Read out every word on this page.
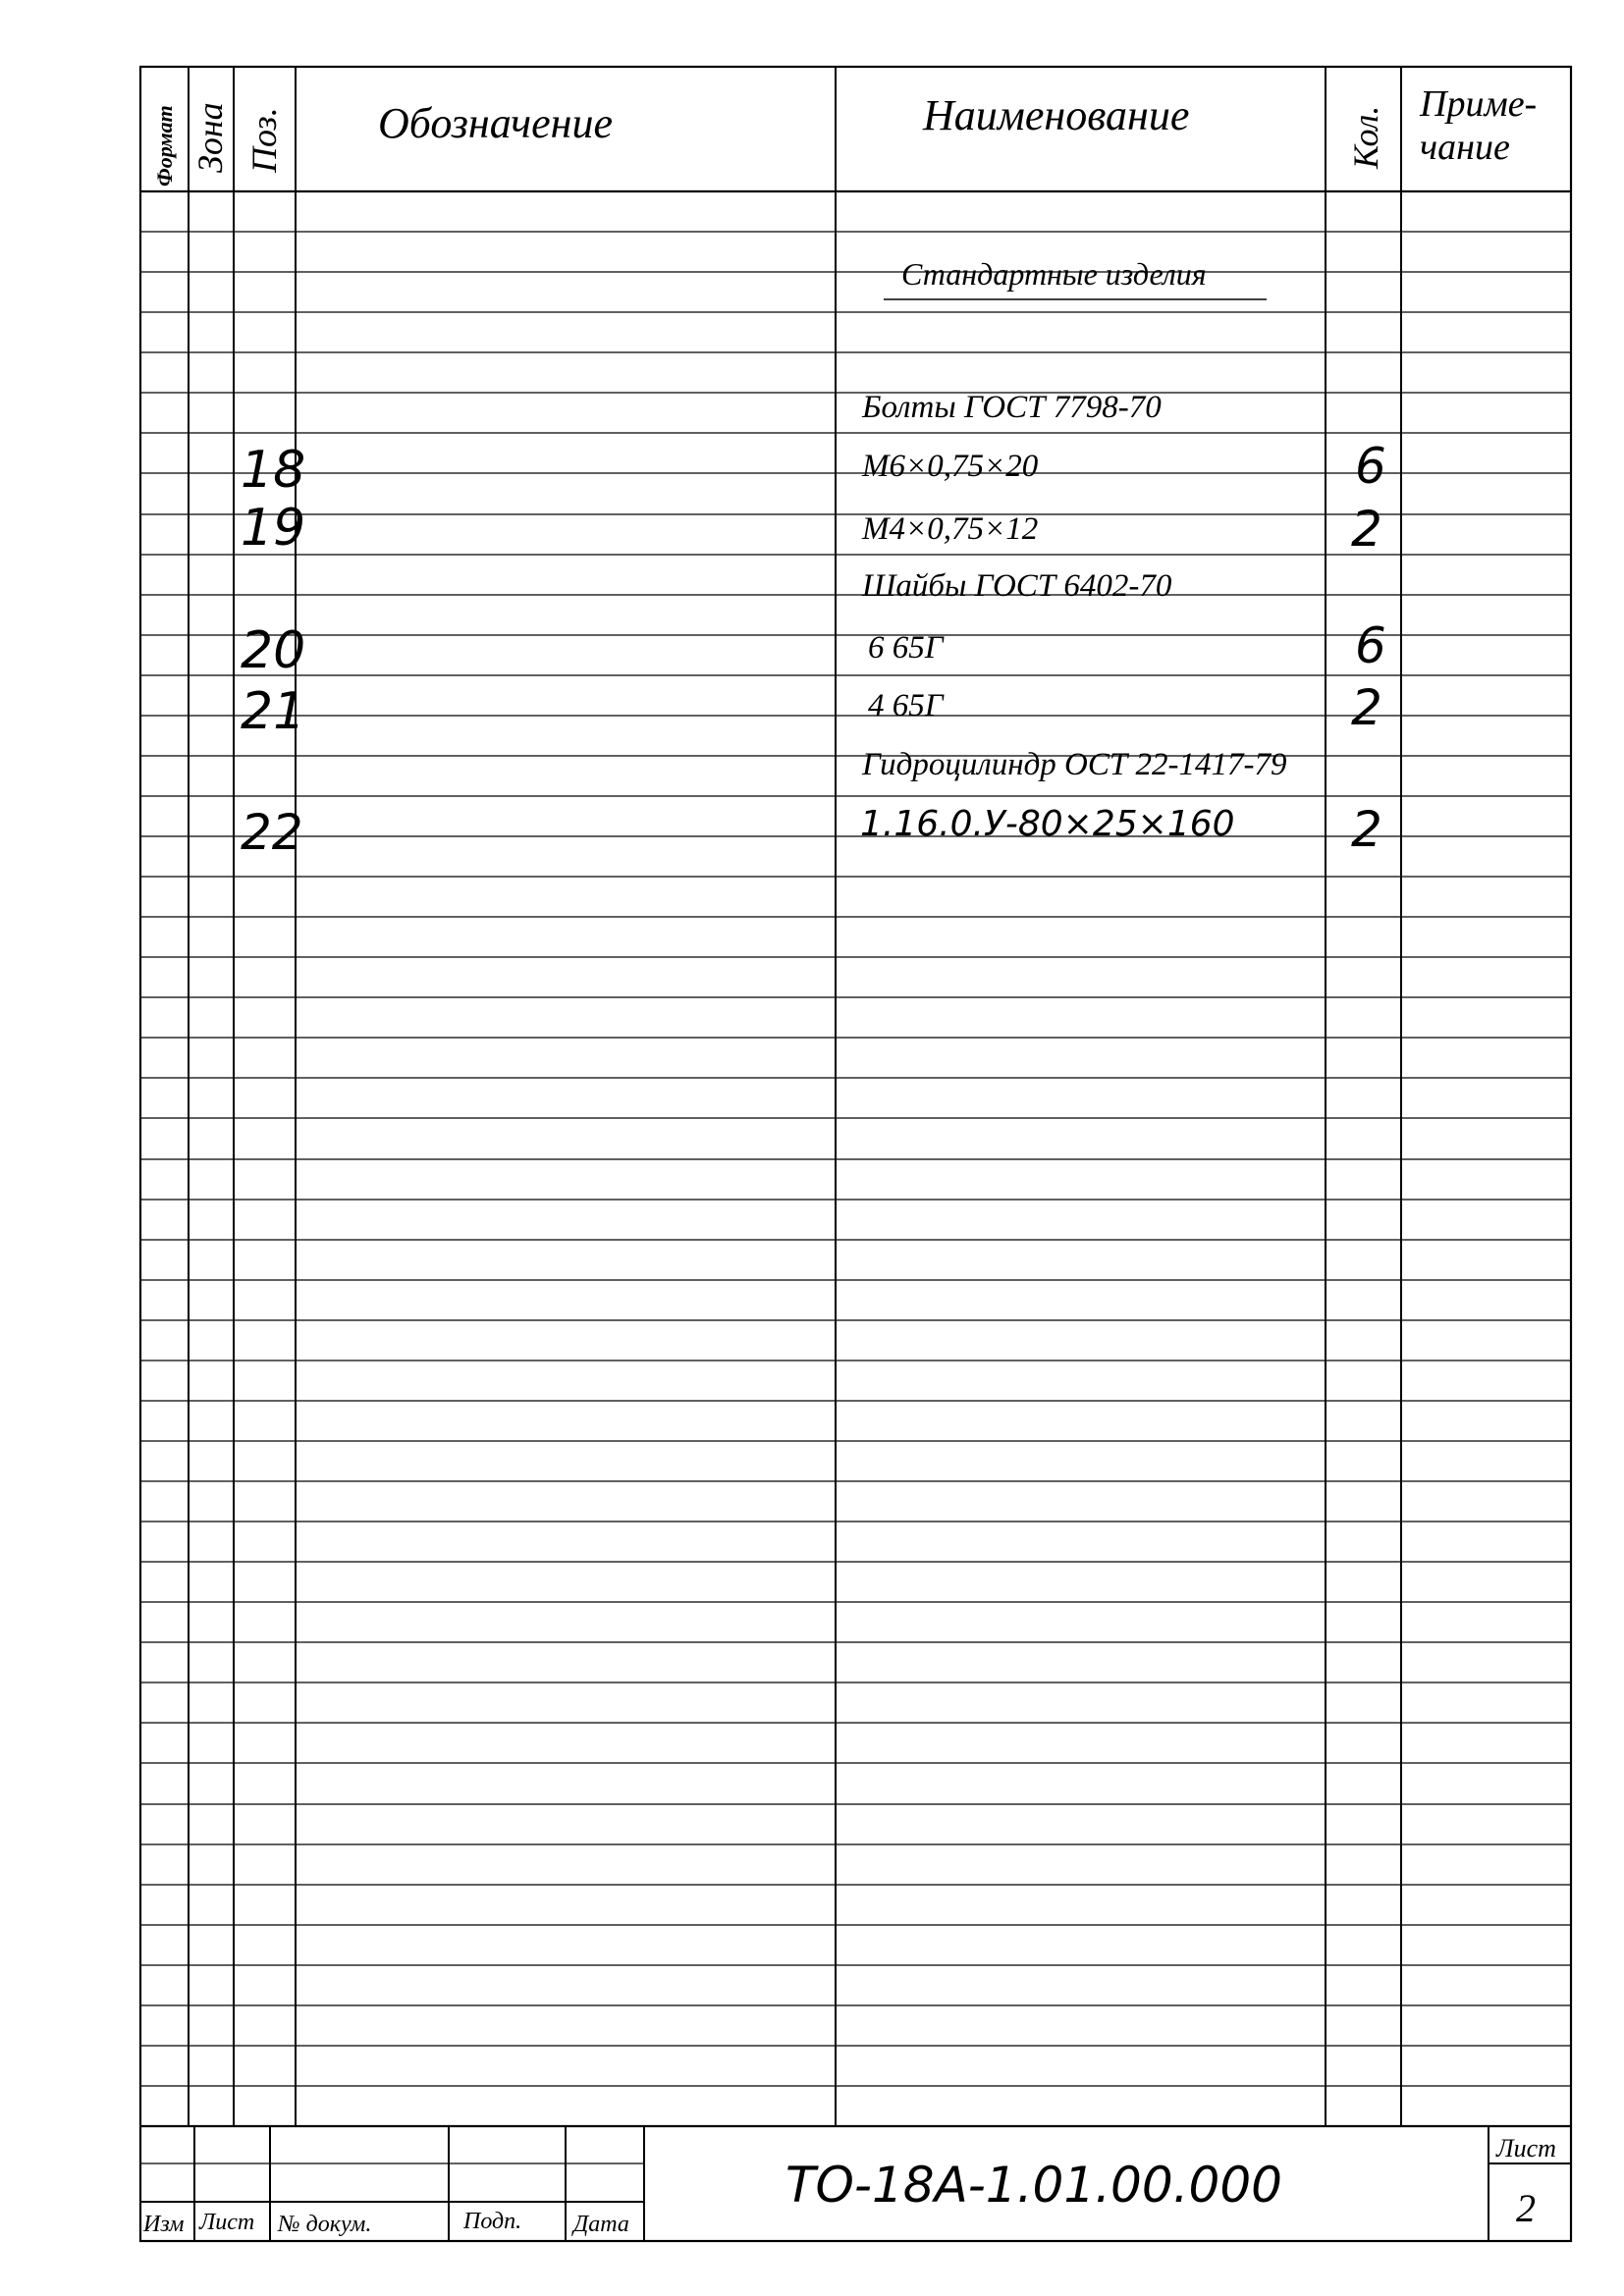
Формат Зона Поз. Обозначение	Наименование	Кол.
Приме-
чание
Стандартные изделия
Болты ГОСТ 7798-70
18	М6×0,75×20	6
19	М4×0,75×12	2
Шайбы ГОСТ 6402-70
20	6 65Г	6
21	4 65Г	2
Гидроцилиндр ОСТ 22-1417-79
22	1.16.0.У-80×25×160 2
Изм Лист № докум.	Подп. Дата
ТО-18А-1.01.00.000
Лист
2
